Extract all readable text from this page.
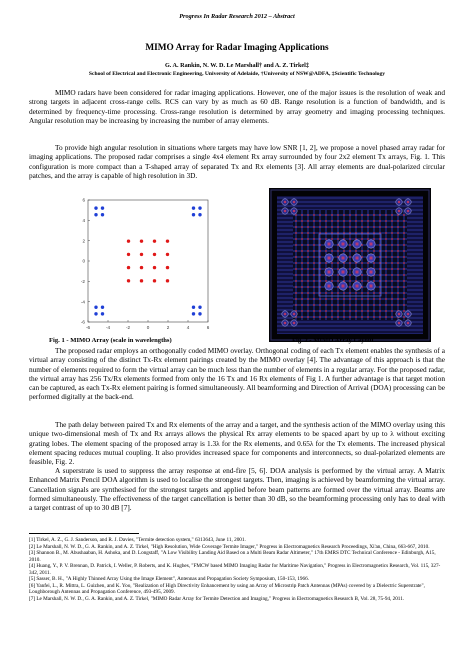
Progress In Radar Research 2012 – Abstract
MIMO Array for Radar Imaging Applications
G. A. Rankin, N. W. D. Le Marshall† and A. Z. Tirkel‡
School of Electrical and Electronic Engineering, University of Adelaide, †University of NSW@ADFA, ‡Scientific Technology

MIMO radars have been considered for radar imaging applications. However, one of the major issues is the resolution of weak and strong targets in adjacent cross-range cells. RCS can vary by as much as 60 dB. Range resolution is a function of bandwidth, and is determined by frequency-time processing. Cross-range resolution is determined by array geometry and imaging processing techniques. Angular resolution may be increasing by increasing the number of array elements.

To provide high angular resolution in situations where targets may have low SNR [1, 2], we propose a novel phased array radar for imaging applications. The proposed radar comprises a single 4x4 element Rx array surrounded by four 2x2 element Tx arrays, Fig. 1. This configuration is more compact than a T-shaped array of separated Tx and Rx elements [3]. All array elements are dual-polarized circular patches, and the array is capable of high resolution in 3D.

-6	-4	-2	0	2	4	6
6
4
2
0
-2
-4
-6
Fig. 1 - MIMO Array (scale in wavelengths)	Fig. 2 - MIMO Array Layout

The proposed radar employs an orthogonally coded MIMO overlay. Orthogonal coding of each Tx element enables the synthesis of a virtual array consisting of the distinct Tx-Rx element pairings created by the MIMO overlay [4]. The advantage of this approach is that the number of elements required to form the virtual array can be much less than the number of elements in a regular array. For the proposed radar, the virtual array has 256 Tx/Rx elements formed from only the 16 Tx and 16 Rx elements of Fig 1. A further advantage is that target motion can be captured, as each Tx-Rx element pairing is formed simultaneously. All beamforming and Direction of Arrival (DOA) processing can be performed digitally at the back-end.

The path delay between paired Tx and Rx elements of the array and a target, and the synthesis action of the MIMO overlay using this unique two-dimensional mesh of Tx and Rx arrays allows the physical Rx array elements to be spaced apart by up to λ without exciting grating lobes. The element spacing of the proposed array is 1.3λ for the Rx elements, and 0.65λ for the Tx elements. The increased physical element spacing reduces mutual coupling. It also provides increased space for components and interconnects, so dual-polarized elements are feasible, Fig. 2.

A superstrate is used to suppress the array response at end-fire [5, 6]. DOA analysis is performed by the virtual array. A Matrix Enhanced Matrix Pencil DOA algorithm is used to localise the strongest targets. Then, imaging is achieved by beamforming the virtual array. Cancellation signals are synthesised for the strongest targets and applied before beam patterns are formed over the virtual array. Beams are formed simultaneously. The effectiveness of the target cancellation is better than 30 dB, so the beamforming processing only has to deal with a target contrast of up to 30 dB [7].

[1] Tirkel, A. Z., G. J. Sanderson, and R. J. Davies, "Termite detection system," 6313643, June 11, 2001.

[2] Le Marshall, N. W. D., G. A. Rankin, and A. Z. Tirkel, "High Resolution, Wide Coverage Termite Imager," Progress in Electromagnetics Research Proceedings, Xi'an, China, 663-667, 2010.

[3] Shannon B., M. Abushaaban, H. Ashoka, and D. Longstaff, "A Low Visibility Landing Aid Based on a Multi Beam Radar Altimeter," 17th EMRS DTC Technical Conference - Edinburgh, A15, 2010.

[4] Huang, Y., P. V. Brennan, D. Patrick, I. Weller, P. Roberts, and K. Hughes, "FMCW based MIMO Imaging Radar for Maritime Navigation," Progress in Electromagnetics Research, Vol. 115, 327-342, 2011.

[5] Sasser, B. H., "A Highly Thinned Array Using the Image Element", Antennas and Propagation Society Symposium, 150-153, 1966.

[6] Yanfei, L., R. Mittra, L. Guizhen, and K. Yoo, "Realization of High Directivity Enhancement by using an Array of Microstrip Patch Antennas (MPAs) covered by a Dielectric Superstrate", Loughborough Antennas and Propagation Conference, 493-495, 2009.

[7] Le Marshall, N. W. D., G. A. Rankin, and A. Z. Tirkel, "MIMO Radar Array for Termite Detection and Imaging," Progress in Electromagnetics Research B, Vol. 28, 75-94, 2011.
